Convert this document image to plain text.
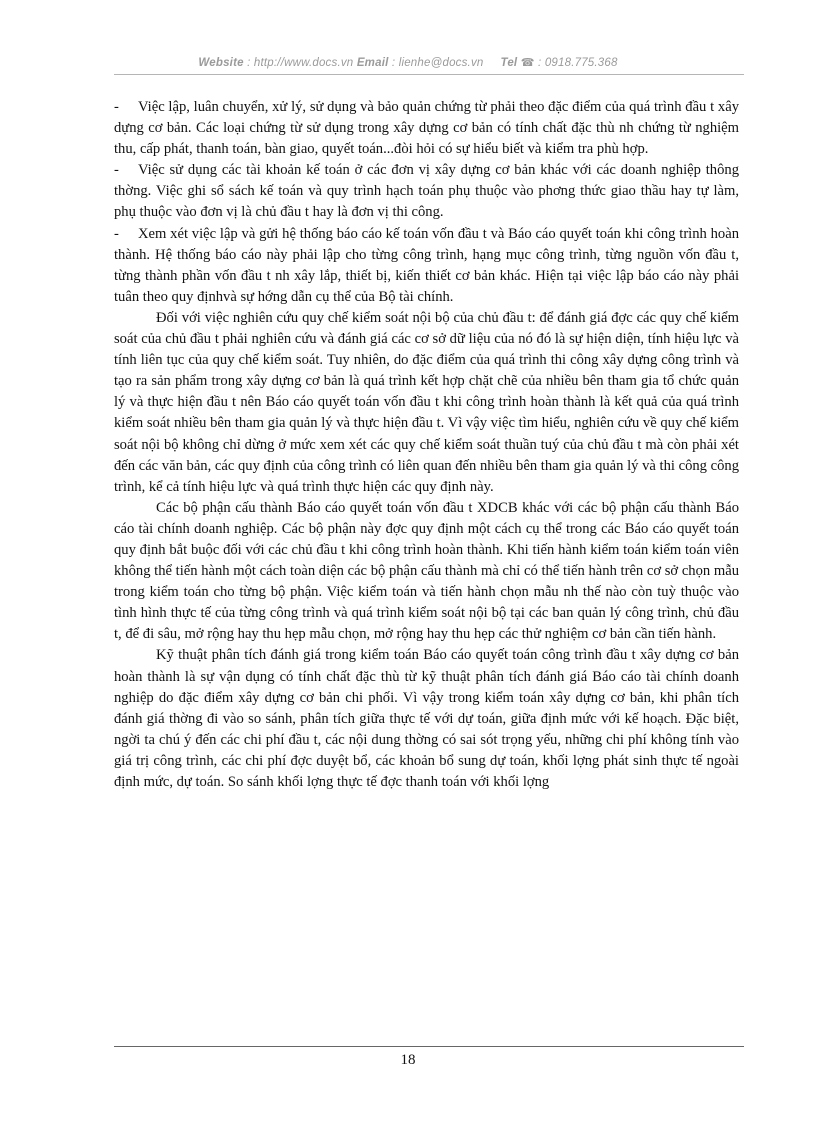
Website : http://www.docs.vn Email : lienhe@docs.vn Tel ☎ : 0918.775.368

- Việc lập, luân chuyển, xử lý, sử dụng và bảo quản chứng từ phải theo đặc điểm của quá trình đầu t xây dựng cơ bản. Các loại chứng từ sử dụng trong xây dựng cơ bản có tính chất đặc thù nh chứng từ nghiệm thu, cấp phát, thanh toán, bàn giao, quyết toán...đòi hỏi có sự hiểu biết và kiểm tra phù hợp.

- Việc sử dụng các tài khoản kế toán ở các đơn vị xây dựng cơ bản khác với các doanh nghiệp thông thờng. Việc ghi sổ sách kế toán và quy trình hạch toán phụ thuộc vào phơng thức giao thầu hay tự làm, phụ thuộc vào đơn vị là chủ đầu t hay là đơn vị thi công.

- Xem xét việc lập và gửi hệ thống báo cáo kế toán vốn đầu t và Báo cáo quyết toán khi công trình hoàn thành. Hệ thống báo cáo này phải lập cho từng công trình, hạng mục công trình, từng nguồn vốn đầu t, từng thành phần vốn đầu t nh xây lắp, thiết bị, kiến thiết cơ bản khác. Hiện tại việc lập báo cáo này phải tuân theo quy địnhvà sự hớng dẫn cụ thể của Bộ tài chính.

Đối với việc nghiên cứu quy chế kiểm soát nội bộ của chủ đầu t: để đánh giá đợc các quy chế kiểm soát của chủ đầu t phải nghiên cứu và đánh giá các cơ sở dữ liệu của nó đó là sự hiện diện, tính hiệu lực và tính liên tục của quy chế kiểm soát. Tuy nhiên, do đặc điểm của quá trình thi công xây dựng công trình và tạo ra sản phẩm trong xây dựng cơ bản là quá trình kết hợp chặt chẽ của nhiều bên tham gia tổ chức quản lý và thực hiện đầu t nên Báo cáo quyết toán vốn đầu t khi công trình hoàn thành là kết quả của quá trình kiểm soát nhiều bên tham gia quản lý và thực hiện đầu t. Vì vậy việc tìm hiểu, nghiên cứu về quy chế kiểm soát nội bộ không chỉ dừng ở mức xem xét các quy chế kiểm soát thuần tuý của chủ đầu t mà còn phải xét đến các văn bản, các quy định của công trình có liên quan đến nhiều bên tham gia quản lý và thi công công trình, kể cả tính hiệu lực và quá trình thực hiện các quy định này.

Các bộ phận cấu thành Báo cáo quyết toán vốn đầu t XDCB khác với các bộ phận cấu thành Báo cáo tài chính doanh nghiệp. Các bộ phận này đợc quy định một cách cụ thể trong các Báo cáo quyết toán quy định bắt buộc đối với các chủ đầu t khi công trình hoàn thành. Khi tiến hành kiểm toán kiểm toán viên không thể tiến hành một cách toàn diện các bộ phận cấu thành mà chỉ có thể tiến hành trên cơ sở chọn mẫu trong kiểm toán cho từng bộ phận. Việc kiểm toán và tiến hành chọn mẫu nh thế nào còn tuỳ thuộc vào tình hình thực tế của từng công trình và quá trình kiểm soát nội bộ tại các ban quản lý công trình, chủ đầu t, để đi sâu, mở rộng hay thu hẹp mẫu chọn, mở rộng hay thu hẹp các thử nghiệm cơ bản cần tiến hành.

Kỹ thuật phân tích đánh giá trong kiểm toán Báo cáo quyết toán công trình đầu t xây dựng cơ bản hoàn thành là sự vận dụng có tính chất đặc thù từ kỹ thuật phân tích đánh giá Báo cáo tài chính doanh nghiệp do đặc điểm xây dựng cơ bản chi phối. Vì vậy trong kiểm toán xây dựng cơ bản, khi phân tích đánh giá thờng đi vào so sánh, phân tích giữa thực tế với dự toán, giữa định mức với kế hoạch. Đặc biệt, ngời ta chú ý đến các chi phí đầu t, các nội dung thờng có sai sót trọng yếu, những chi phí không tính vào giá trị công trình, các chi phí đợc duyệt bổ, các khoản bổ sung dự toán, khối lợng phát sinh thực tế ngoài định mức, dự toán. So sánh khối lợng thực tế đợc thanh toán với khối lợng

18
